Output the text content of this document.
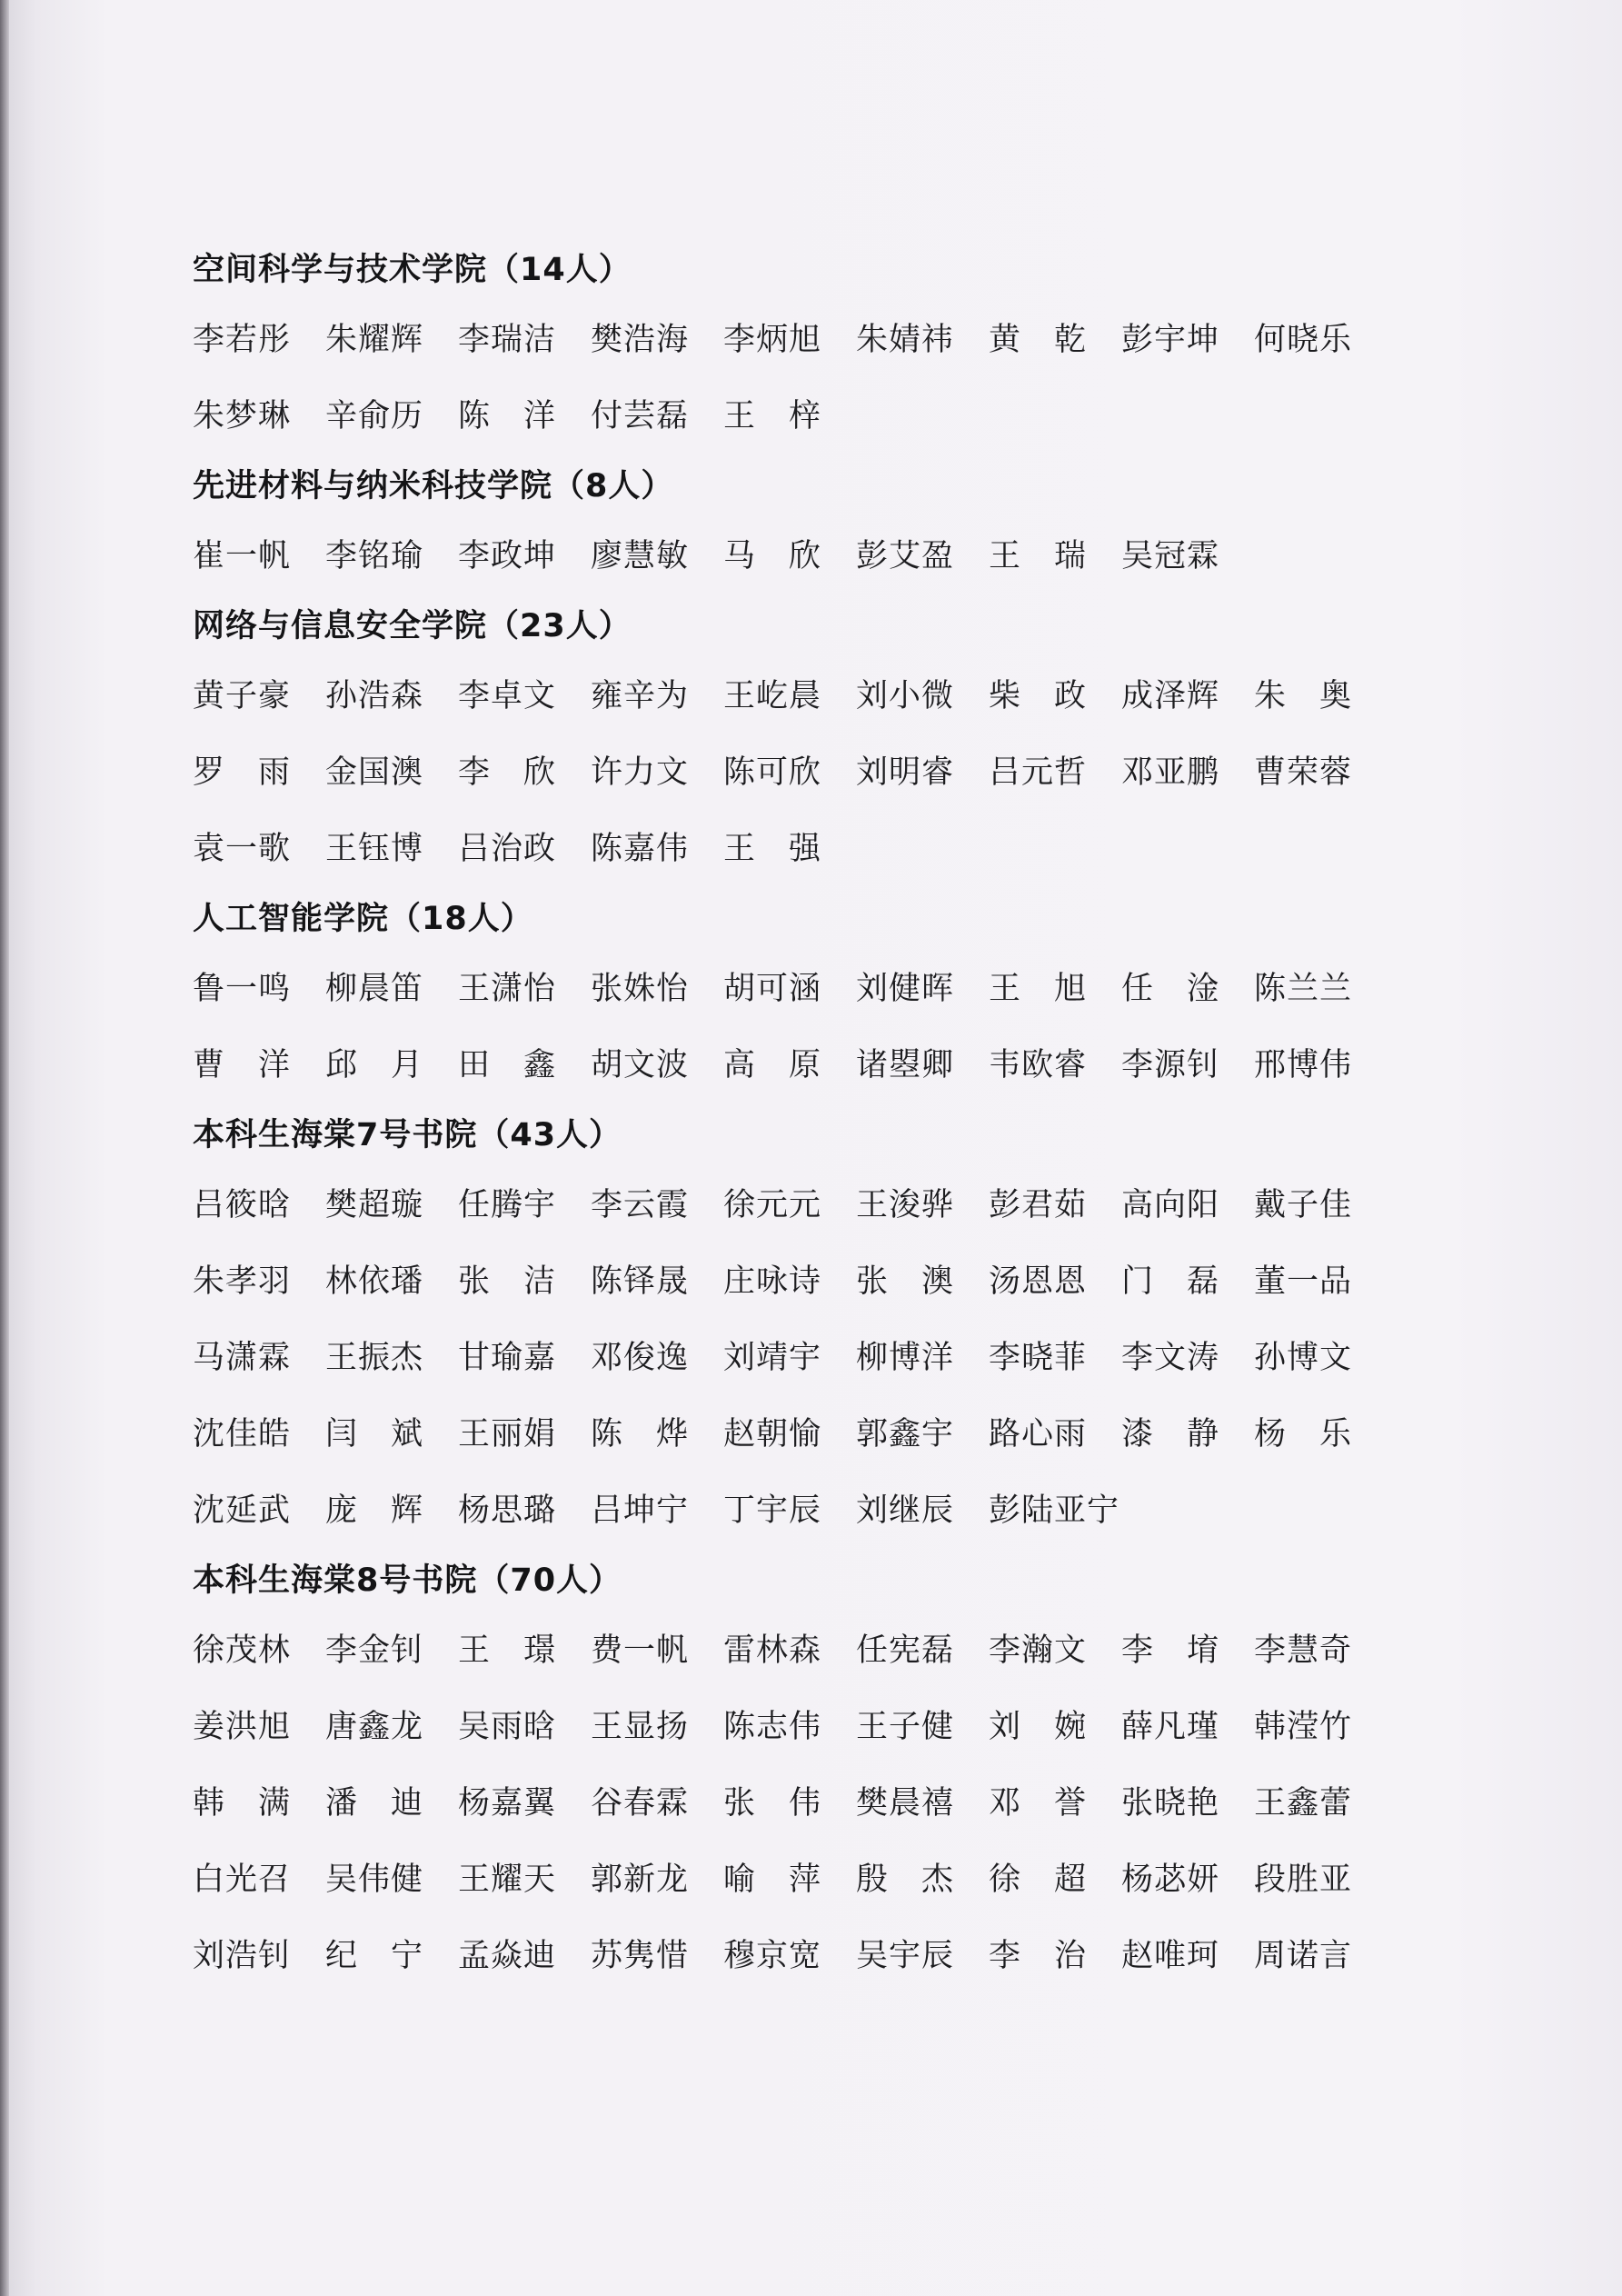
空间科学与技术学院（14人）
李若彤	朱耀辉	李瑞洁	樊浩海	李炳旭	朱婧祎	黄　乾	彭宇坤	何晓乐
朱梦琳	辛俞历	陈　洋	付芸磊	王　梓
先进材料与纳米科技学院（8人）
崔一帆	李铭瑜	李政坤	廖慧敏	马　欣	彭艾盈	王　瑞	吴冠霖
网络与信息安全学院（23人）
黄子豪	孙浩森	李卓文	雍辛为	王屹晨	刘小微	柴　政	成泽辉	朱　奥
罗　雨	金国澳	李　欣	许力文	陈可欣	刘明睿	吕元哲	邓亚鹏	曹荣蓉
袁一歌	王钰博	吕治政	陈嘉伟	王　强
人工智能学院（18人）
鲁一鸣	柳晨笛	王潇怡	张姝怡	胡可涵	刘健晖	王　旭	任　淦	陈兰兰
曹　洋	邱　月	田　鑫	胡文波	高　原	诸曌卿	韦欧睿	李源钊	邢博伟
本科生海棠7号书院（43人）
吕筱晗	樊超璇	任腾宇	李云霞	徐元元	王浚骅	彭君茹	高向阳	戴子佳
朱孝羽	林依璠	张　洁	陈铎晟	庄咏诗	张　澳	汤恩恩	门　磊	董一品
马潇霖	王振杰	甘瑜嘉	邓俊逸	刘靖宇	柳博洋	李晓菲	李文涛	孙博文
沈佳皓	闫　斌	王丽娟	陈　烨	赵朝愉	郭鑫宇	路心雨	漆　静	杨　乐
沈延武	庞　辉	杨思璐	吕坤宁	丁宇辰	刘继辰	彭陆亚宁
本科生海棠8号书院（70人）
徐茂林	李金钊	王　璟	费一帆	雷林森	任宪磊	李瀚文	李　堉	李慧奇
姜洪旭	唐鑫龙	吴雨晗	王显扬	陈志伟	王子健	刘　婉	薛凡瑾	韩滢竹
韩　满	潘　迪	杨嘉翼	谷春霖	张　伟	樊晨禧	邓　誉	张晓艳	王鑫蕾
白光召	吴伟健	王耀天	郭新龙	喻　萍	殷　杰	徐　超	杨苾妍	段胜亚
刘浩钊	纪　宁	孟焱迪	苏隽惜	穆京宽	吴宇辰	李　治	赵唯珂	周诺言
